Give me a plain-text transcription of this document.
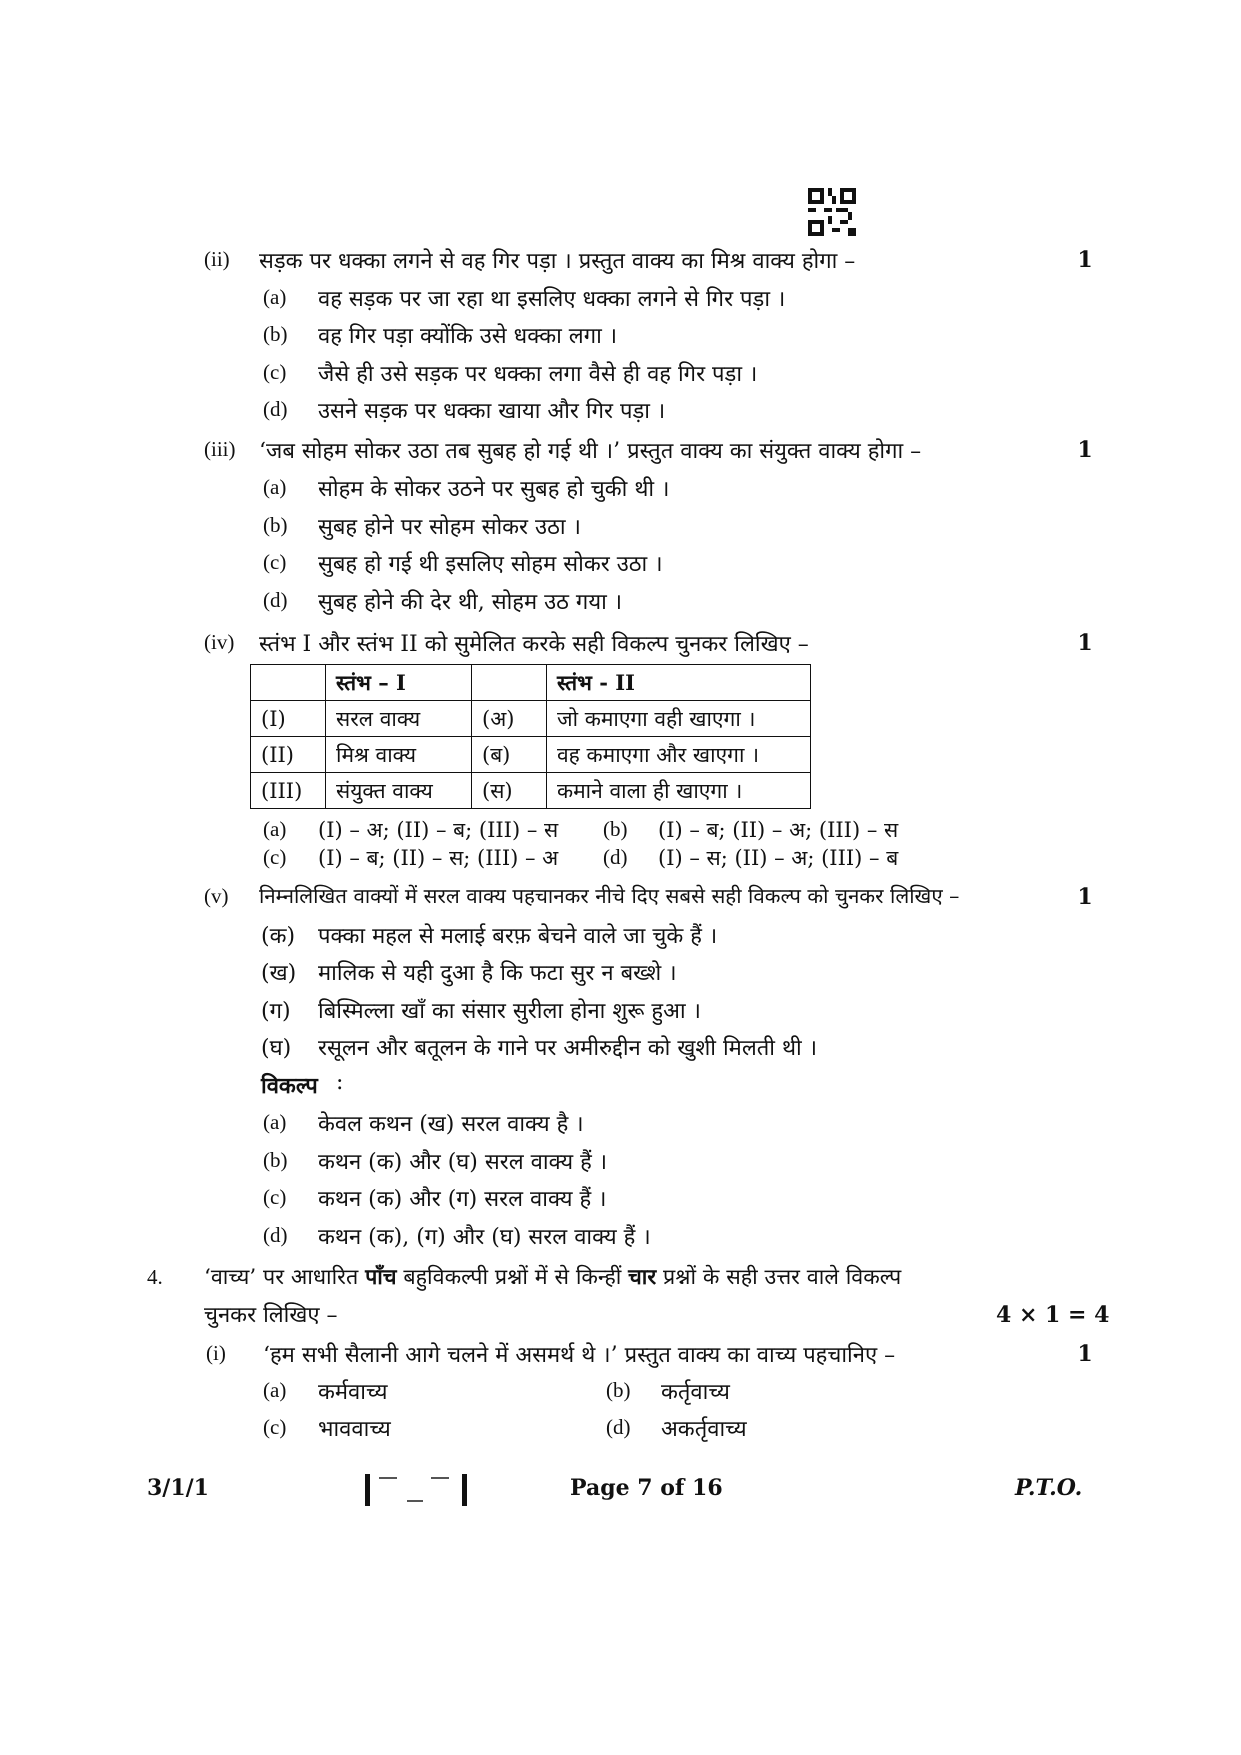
(ii) सड़क पर धक्का लगने से वह गिर पड़ा । प्रस्तुत वाक्य का मिश्र वाक्य होगा –	1
(a) वह सड़क पर जा रहा था इसलिए धक्का लगने से गिर पड़ा ।
(b) वह गिर पड़ा क्योंकि उसे धक्का लगा ।
(c) जैसे ही उसे सड़क पर धक्का लगा वैसे ही वह गिर पड़ा ।
(d) उसने सड़क पर धक्का खाया और गिर पड़ा ।
(iii) ‘जब सोहम सोकर उठा तब सुबह हो गई थी ।’ प्रस्तुत वाक्य का संयुक्त वाक्य होगा –	1
(a) सोहम के सोकर उठने पर सुबह हो चुकी थी ।
(b) सुबह होने पर सोहम सोकर उठा ।
(c) सुबह हो गई थी इसलिए सोहम सोकर उठा ।
(d) सुबह होने की देर थी, सोहम उठ गया ।
(iv) स्तंभ I और स्तंभ II को सुमेलित करके सही विकल्प चुनकर लिखिए –	1
	स्तंभ – I		स्तंभ - II
(I)	सरल वाक्य	(अ)	जो कमाएगा वही खाएगा ।
(II)	मिश्र वाक्य	(ब)	वह कमाएगा और खाएगा ।
(III)	संयुक्त वाक्य	(स)	कमाने वाला ही खाएगा ।
(a) (I) – अ; (II) – ब; (III) – स (b) (I) – ब; (II) – अ; (III) – स
(c) (I) – ब; (II) – स; (III) – अ (d) (I) – स; (II) – अ; (III) – ब
(v) निम्नलिखित वाक्यों में सरल वाक्य पहचानकर नीचे दिए सबसे सही विकल्प को चुनकर लिखिए –	1
(क) पक्का महल से मलाई बरफ़ बेचने वाले जा चुके हैं ।
(ख) मालिक से यही दुआ है कि फटा सुर न बख्शे ।
(ग) बिस्मिल्ला खाँ का संसार सुरीला होना शुरू हुआ ।
(घ) रसूलन और बतूलन के गाने पर अमीरुद्दीन को खुशी मिलती थी ।
विकल्प :
(a) केवल कथन (ख) सरल वाक्य है ।
(b) कथन (क) और (घ) सरल वाक्य हैं ।
(c) कथन (क) और (ग) सरल वाक्य हैं ।
(d) कथन (क), (ग) और (घ) सरल वाक्य हैं ।
4. ‘वाच्य’ पर आधारित पाँच बहुविकल्पी प्रश्नों में से किन्हीं चार प्रश्नों के सही उत्तर वाले विकल्प
चुनकर लिखिए –	4 × 1 = 4
(i) ‘हम सभी सैलानी आगे चलने में असमर्थ थे ।’ प्रस्तुत वाक्य का वाच्य पहचानिए –	1
(a) कर्मवाच्य	(b) कर्तृवाच्य
(c) भाववाच्य	(d) अकर्तृवाच्य
3/1/1	Page 7 of 16	P.T.O.
